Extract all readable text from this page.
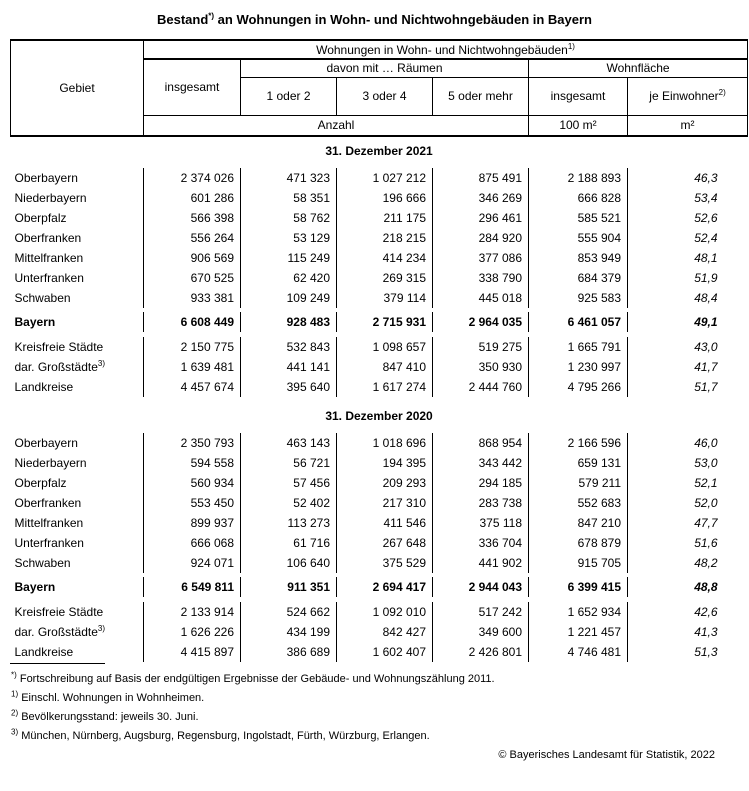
Bestand*) an Wohnungen in Wohn- und Nichtwohngebäuden in Bayern
Gebiet	Wohnungen in Wohn- und Nichtwohngebäuden$^{1)}$
	insgesamt	davon mit … Räumen			Wohnfläche	
		1 oder 2	3 oder 4	5 oder mehr	insgesamt	je Einwohner$^{2)}$
	Anzahl				100 m²	m²

31. Dezember 2021						

Oberbayern	2 374 026	471 323	1 027 212	875 491	2 188 893	46,3
Niederbayern	601 286	58 351	196 666	346 269	666 828	53,4
Oberpfalz	566 398	58 762	211 175	296 461	585 521	52,6
Oberfranken	556 264	53 129	218 215	284 920	555 904	52,4
Mittelfranken	906 569	115 249	414 234	377 086	853 949	48,1
Unterfranken	670 525	62 420	269 315	338 790	684 379	51,9
Schwaben	933 381	109 249	379 114	445 018	925 583	48,4

Bayern	6 608 449	928 483	2 715 931	2 964 035	6 461 057	49,1

Kreisfreie Städte	2 150 775	532 843	1 098 657	519 275	1 665 791	43,0
dar. Großstädte$^{3)}$	1 639 481	441 141	847 410	350 930	1 230 997	41,7
Landkreise	4 457 674	395 640	1 617 274	2 444 760	4 795 266	51,7

31. Dezember 2020						

Oberbayern	2 350 793	463 143	1 018 696	868 954	2 166 596	46,0
Niederbayern	594 558	56 721	194 395	343 442	659 131	53,0
Oberpfalz	560 934	57 456	209 293	294 185	579 211	52,1
Oberfranken	553 450	52 402	217 310	283 738	552 683	52,0
Mittelfranken	899 937	113 273	411 546	375 118	847 210	47,7
Unterfranken	666 068	61 716	267 648	336 704	678 879	51,6
Schwaben	924 071	106 640	375 529	441 902	915 705	48,2

Bayern	6 549 811	911 351	2 694 417	2 944 043	6 399 415	48,8

Kreisfreie Städte	2 133 914	524 662	1 092 010	517 242	1 652 934	42,6
dar. Großstädte$^{3)}$	1 626 226	434 199	842 427	349 600	1 221 457	41,3
Landkreise	4 415 897	386 689	1 602 407	2 426 801	4 746 481	51,3
*) Fortschreibung auf Basis der endgültigen Ergebnisse der Gebäude- und Wohnungszählung 2011.
$^{1)}$ Einschl. Wohnungen in Wohnheimen.
$^{2)}$ Bevölkerungsstand: jeweils 30. Juni.
$^{3)}$ München, Nürnberg, Augsburg, Regensburg, Ingolstadt, Fürth, Würzburg, Erlangen.
© Bayerisches Landesamt für Statistik, 2022
